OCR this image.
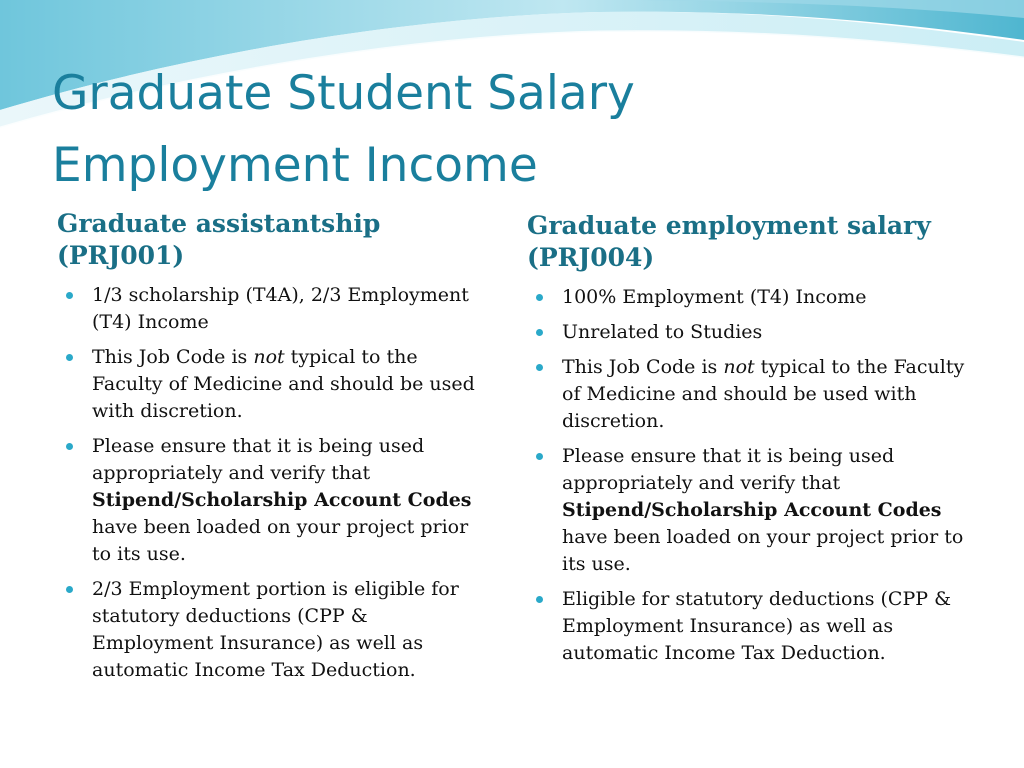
Graduate Student Salary
Employment Income
Graduate assistantship
(PRJ001)
1/3 scholarship (T4A), 2/3 Employment (T4) Income
This Job Code is not typical to the Faculty of Medicine and should be used with discretion.
Please ensure that it is being used appropriately and verify that Stipend/Scholarship Account Codes have been loaded on your project prior to its use.
2/3 Employment portion is eligible for statutory deductions (CPP & Employment Insurance) as well as automatic Income Tax Deduction.
Graduate employment salary
(PRJ004)
100% Employment (T4) Income
Unrelated to Studies
This Job Code is not typical to the Faculty of Medicine and should be used with discretion.
Please ensure that it is being used appropriately and verify that Stipend/Scholarship Account Codes have been loaded on your project prior to its use.
Eligible for statutory deductions (CPP & Employment Insurance) as well as automatic Income Tax Deduction.
